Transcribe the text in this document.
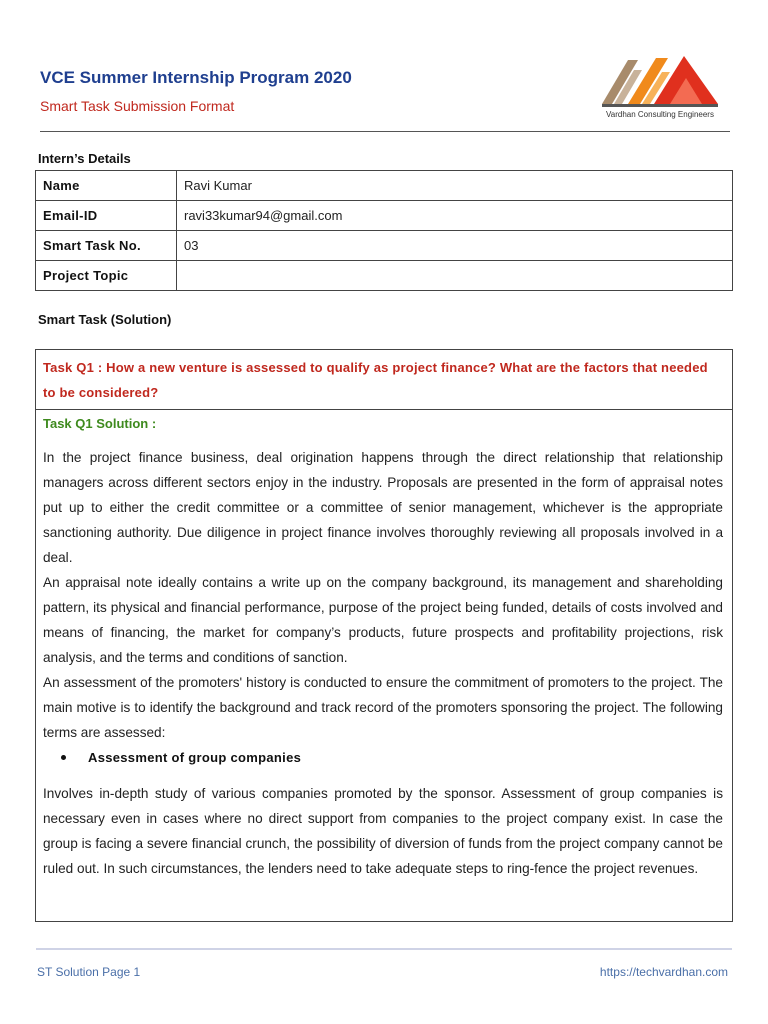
VCE Summer Internship Program 2020
Smart Task Submission Format
Vardhan Consulting Engineers
Intern’s Details
Name	Ravi Kumar
Email-ID	ravi33kumar94@gmail.com
Smart Task No.	03
Project Topic	
Smart Task (Solution)
Task Q1 : How a new venture is assessed to qualify as project finance? What are the factors that needed to be considered?
Task Q1 Solution :

In the project finance business, deal origination happens through the direct relationship that relationship managers across different sectors enjoy in the industry. Proposals are presented in the form of appraisal notes put up to either the credit committee or a committee of senior management, whichever is the appropriate sanctioning authority. Due diligence in project finance involves thoroughly reviewing all proposals involved in a deal.

An appraisal note ideally contains a write up on the company background, its management and shareholding pattern, its physical and financial performance, purpose of the project being funded, details of costs involved and means of financing, the market for company’s products, future prospects and profitability projections, risk analysis, and the terms and conditions of sanction.

An assessment of the promoters' history is conducted to ensure the commitment of promoters to the project. The main motive is to identify the background and track record of the promoters sponsoring the project. The following terms are assessed:

Assessment of group companies

Involves in-depth study of various companies promoted by the sponsor. Assessment of group companies is necessary even in cases where no direct support from companies to the project company exist. In case the group is facing a severe financial crunch, the possibility of diversion of funds from the project company cannot be ruled out. In such circumstances, the lenders need to take adequate steps to ring-fence the project revenues.

ST Solution Page 1	https://techvardhan.com
